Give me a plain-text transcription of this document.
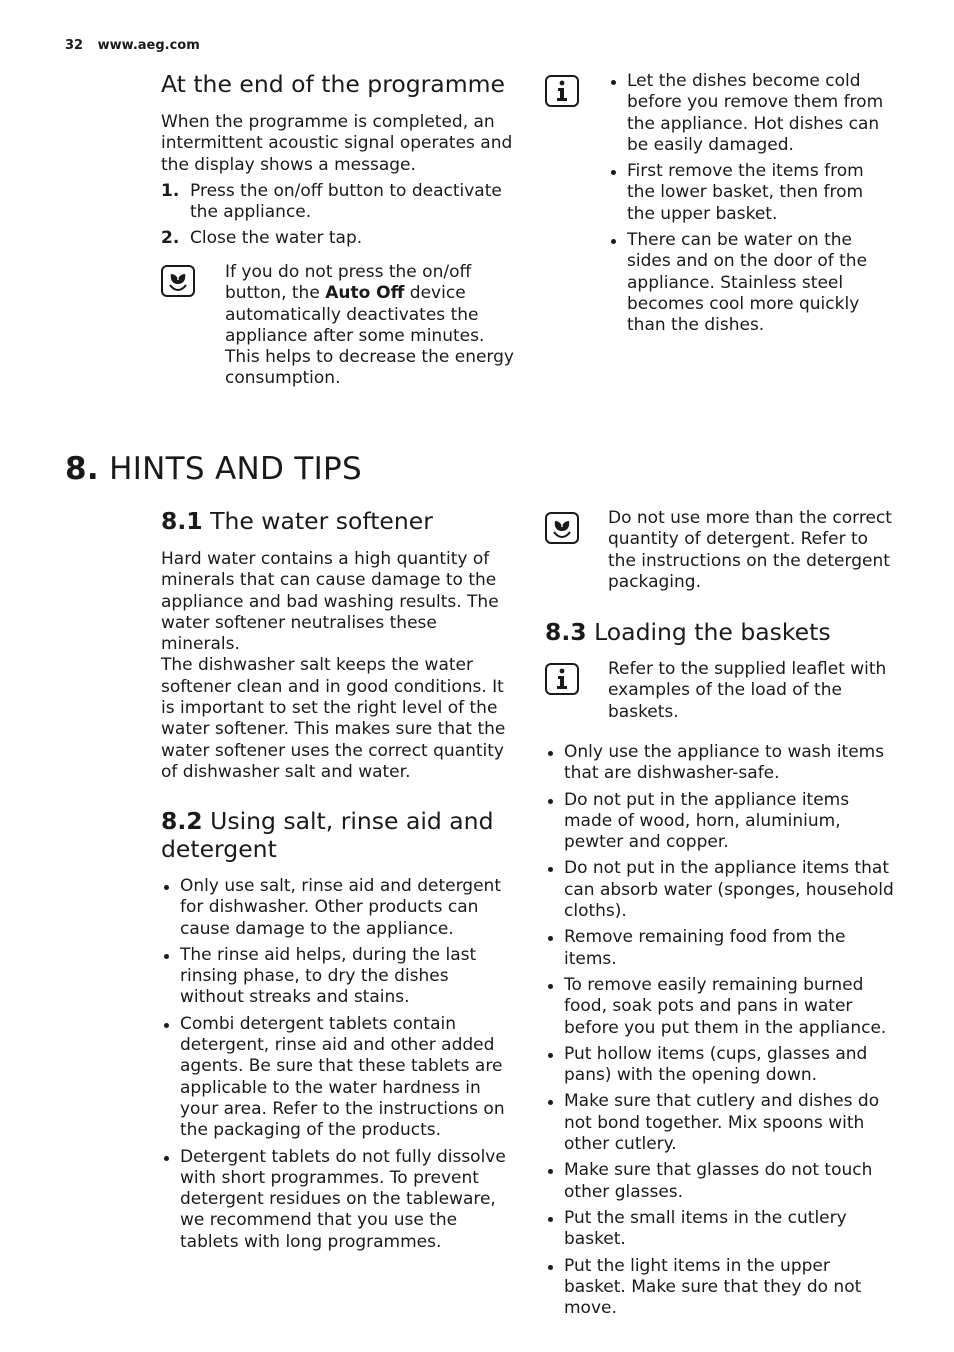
32 www.aeg.com
At the end of the programme

When the programme is completed, an intermittent acoustic signal operates and the display shows a message.

1. Press the on/off button to deactivate the appliance.
2. Close the water tap.

If you do not press the on/off button, the Auto Off device automatically deactivates the appliance after some minutes. This helps to decrease the energy consumption.

Let the dishes become cold before you remove them from the appliance. Hot dishes can be easily damaged.
First remove the items from the lower basket, then from the upper basket.
There can be water on the sides and on the door of the appliance. Stainless steel becomes cool more quickly than the dishes.
8. HINTS AND TIPS
8.1 The water softener

Hard water contains a high quantity of minerals that can cause damage to the appliance and bad washing results. The water softener neutralises these minerals.

The dishwasher salt keeps the water softener clean and in good conditions. It is important to set the right level of the water softener. This makes sure that the water softener uses the correct quantity of dishwasher salt and water.

8.2 Using salt, rinse aid and detergent
Only use salt, rinse aid and detergent for dishwasher. Other products can cause damage to the appliance.
The rinse aid helps, during the last rinsing phase, to dry the dishes without streaks and stains.
Combi detergent tablets contain detergent, rinse aid and other added agents. Be sure that these tablets are applicable to the water hardness in your area. Refer to the instructions on the packaging of the products.
Detergent tablets do not fully dissolve with short programmes. To prevent detergent residues on the tableware, we recommend that you use the tablets with long programmes.

Do not use more than the correct quantity of detergent. Refer to the instructions on the detergent packaging.

8.3 Loading the baskets

Refer to the supplied leaflet with examples of the load of the baskets.

Only use the appliance to wash items that are dishwasher-safe.
Do not put in the appliance items made of wood, horn, aluminium, pewter and copper.
Do not put in the appliance items that can absorb water (sponges, household cloths).
Remove remaining food from the items.
To remove easily remaining burned food, soak pots and pans in water before you put them in the appliance.
Put hollow items (cups, glasses and pans) with the opening down.
Make sure that cutlery and dishes do not bond together. Mix spoons with other cutlery.
Make sure that glasses do not touch other glasses.
Put the small items in the cutlery basket.
Put the light items in the upper basket. Make sure that they do not move.
